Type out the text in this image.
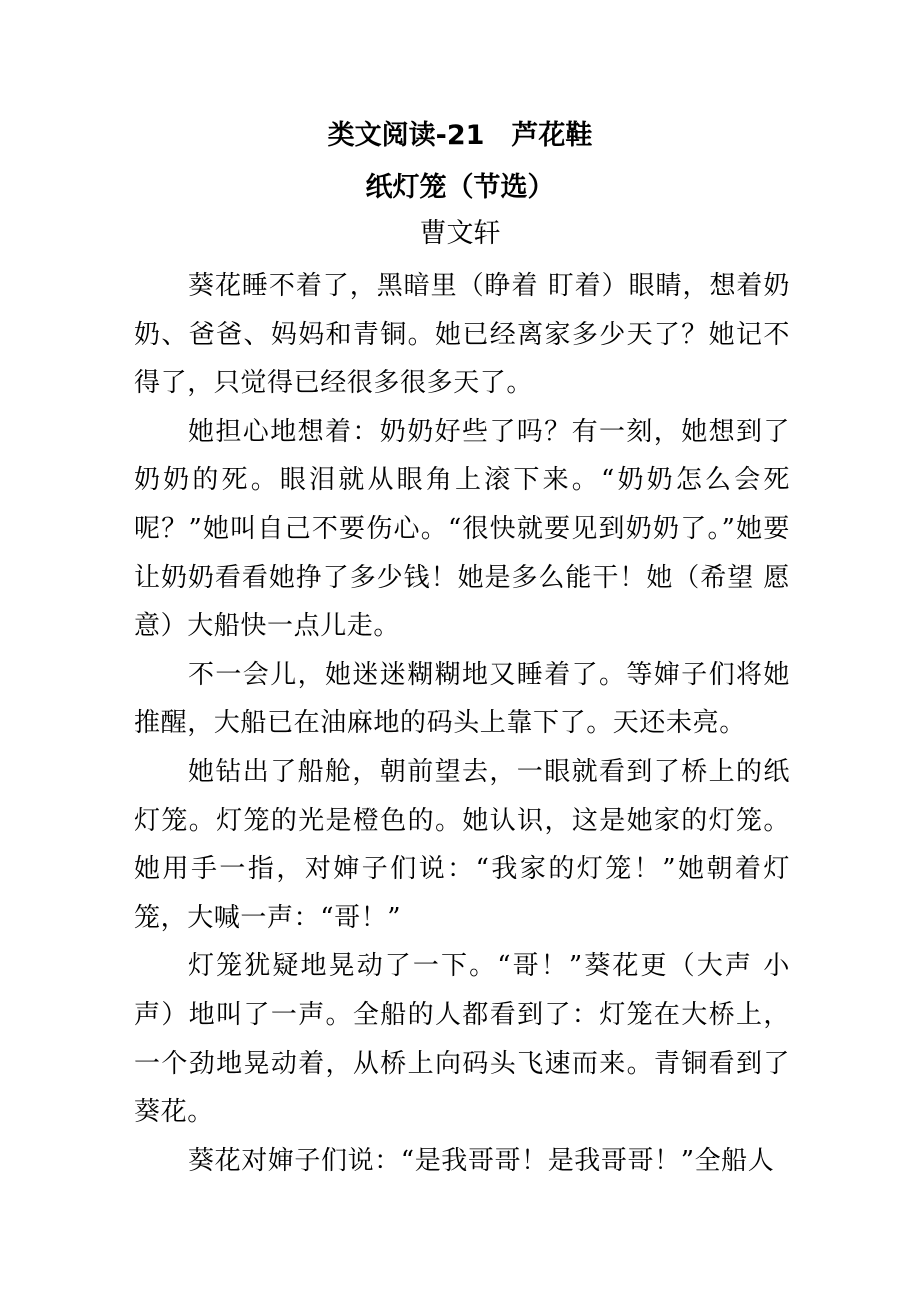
类文阅读-21　芦花鞋
纸灯笼（节选）

曹文轩

葵花睡不着了，黑暗里（睁着 盯着）眼睛，想着奶奶、爸爸、妈妈和青铜。她已经离家多少天了？她记不得了，只觉得已经很多很多天了。

她担心地想着：奶奶好些了吗？有一刻，她想到了奶奶的死。眼泪就从眼角上滚下来。“奶奶怎么会死呢？”她叫自己不要伤心。“很快就要见到奶奶了。”她要让奶奶看看她挣了多少钱！她是多么能干！她（希望 愿意）大船快一点儿走。

不一会儿，她迷迷糊糊地又睡着了。等婶子们将她推醒，大船已在油麻地的码头上靠下了。天还未亮。

她钻出了船舱，朝前望去，一眼就看到了桥上的纸灯笼。灯笼的光是橙色的。她认识，这是她家的灯笼。她用手一指，对婶子们说：“我家的灯笼！”她朝着灯笼，大喊一声：“哥！”

灯笼犹疑地晃动了一下。“哥！”葵花更（大声 小声）地叫了一声。全船的人都看到了：灯笼在大桥上，一个劲地晃动着，从桥上向码头飞速而来。青铜看到了葵花。

葵花对婶子们说：“是我哥哥！是我哥哥！”全船人
